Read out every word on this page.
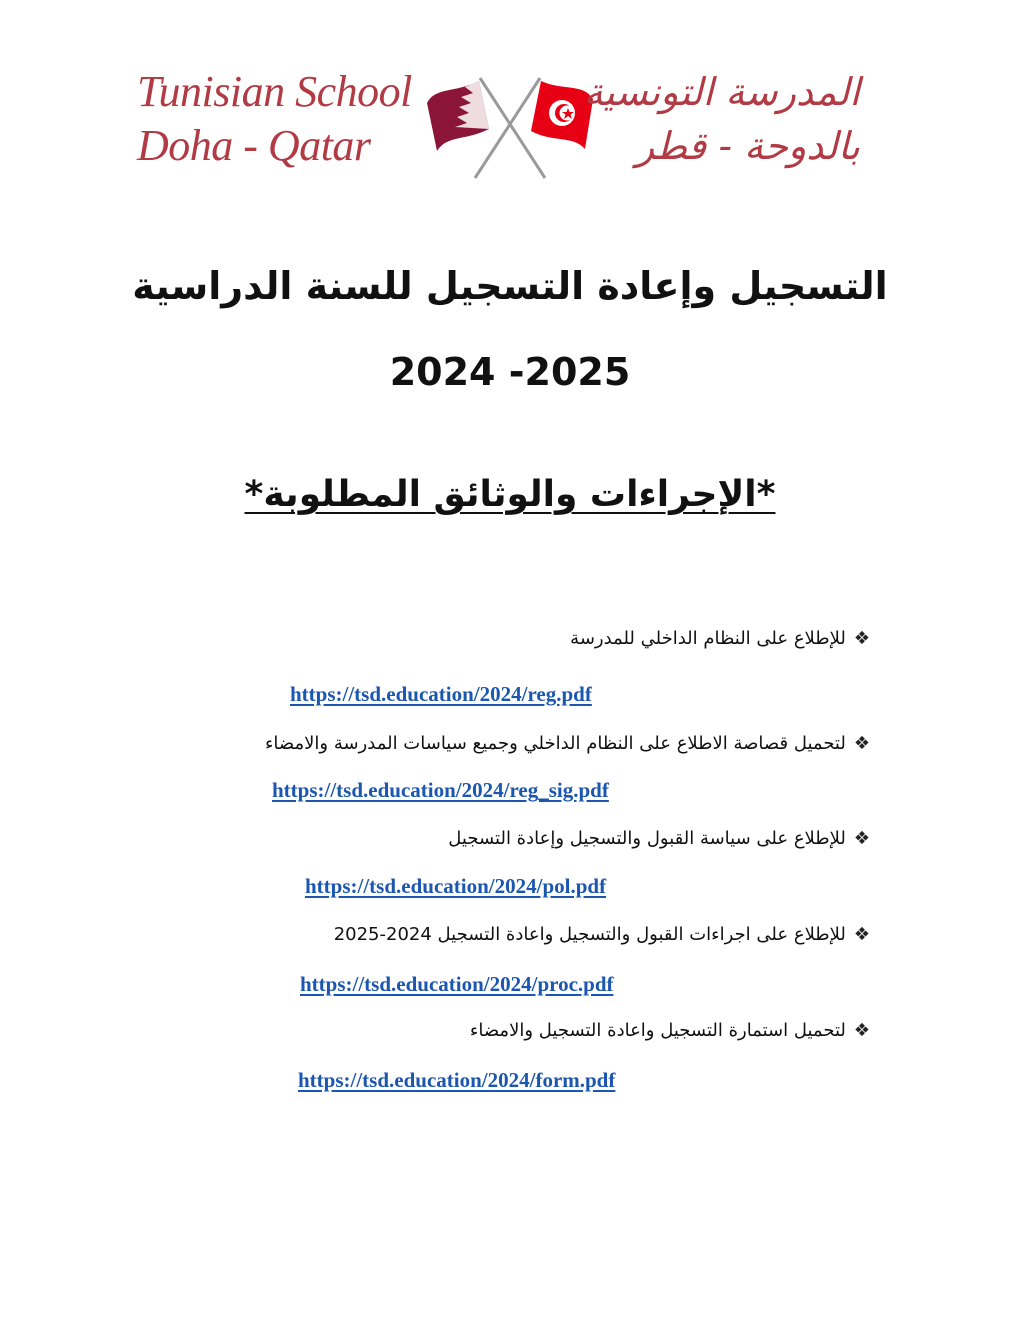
Tunisian School
Doha - Qatar
المدرسة التونسية
بالدوحة - قطر
التسجيل وإعادة التسجيل للسنة الدراسية
2024 -2025
*الإجراءات والوثائق المطلوبة*
❖
للإطلاع على النظام الداخلي للمدرسة
https://tsd.education/2024/reg.pdf
❖
لتحميل قصاصة الاطلاع على النظام الداخلي وجميع سياسات المدرسة والامضاء
https://tsd.education/2024/reg_sig.pdf
❖
للإطلاع على سياسة القبول والتسجيل وإعادة التسجيل
https://tsd.education/2024/pol.pdf
❖
للإطلاع على اجراءات القبول والتسجيل واعادة التسجيل 2024-2025
https://tsd.education/2024/proc.pdf
❖
لتحميل استمارة التسجيل واعادة التسجيل والامضاء
https://tsd.education/2024/form.pdf
